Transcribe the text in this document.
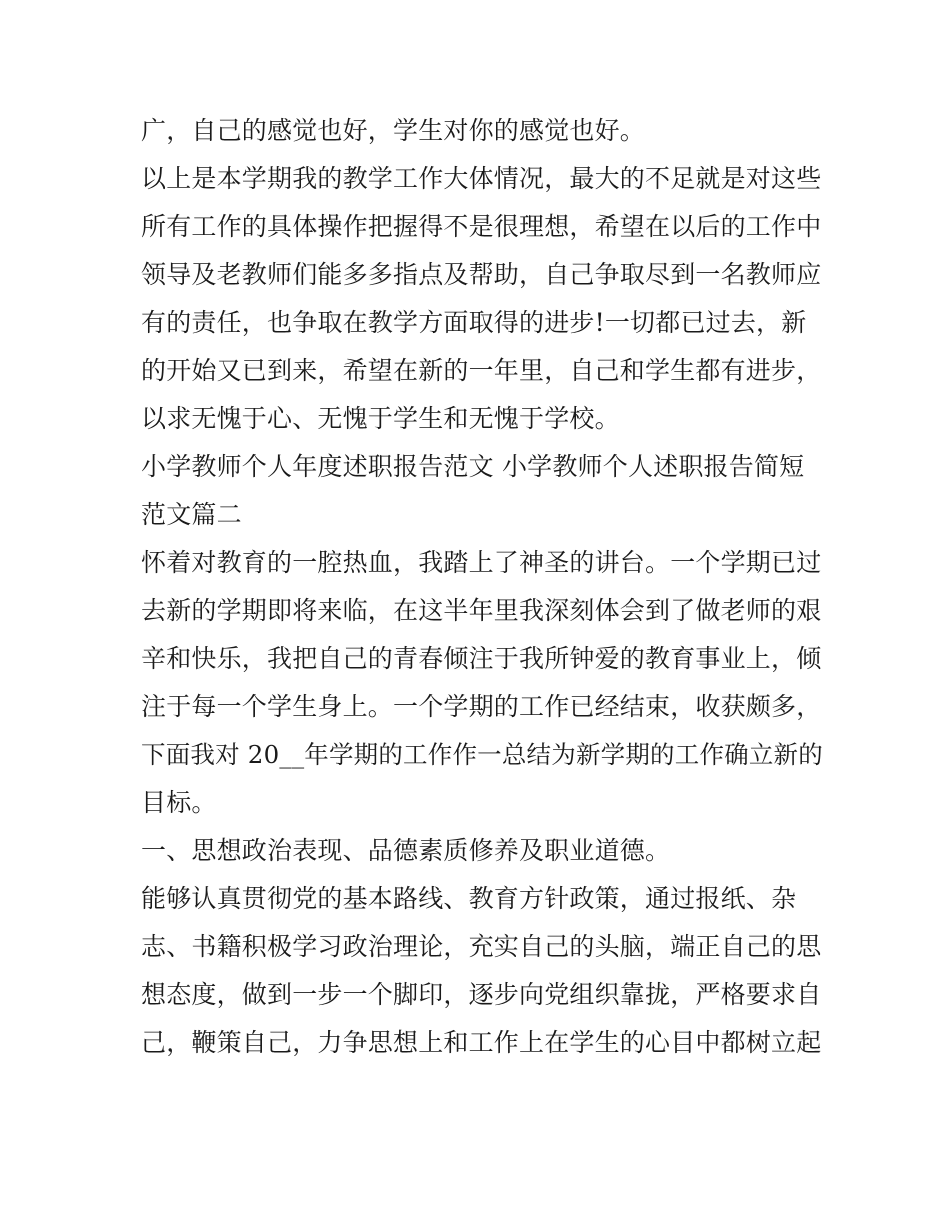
广，自己的感觉也好，学生对你的感觉也好。
以上是本学期我的教学工作大体情况，最大的不足就是对这些
所有工作的具体操作把握得不是很理想，希望在以后的工作中
领导及老教师们能多多指点及帮助，自己争取尽到一名教师应
有的责任，也争取在教学方面取得的进步!一切都已过去，新
的开始又已到来，希望在新的一年里，自己和学生都有进步，
以求无愧于心、无愧于学生和无愧于学校。
小学教师个人年度述职报告范文 小学教师个人述职报告简短
范文篇二
怀着对教育的一腔热血，我踏上了神圣的讲台。一个学期已过
去新的学期即将来临，在这半年里我深刻体会到了做老师的艰
辛和快乐，我把自己的青春倾注于我所钟爱的教育事业上，倾
注于每一个学生身上。一个学期的工作已经结束，收获颇多，
下面我对 20__年学期的工作作一总结为新学期的工作确立新的
目标。
一、思想政治表现、品德素质修养及职业道德。
能够认真贯彻党的基本路线、教育方针政策，通过报纸、杂
志、书籍积极学习政治理论，充实自己的头脑，端正自己的思
想态度，做到一步一个脚印，逐步向党组织靠拢，严格要求自
己，鞭策自己，力争思想上和工作上在学生的心目中都树立起
